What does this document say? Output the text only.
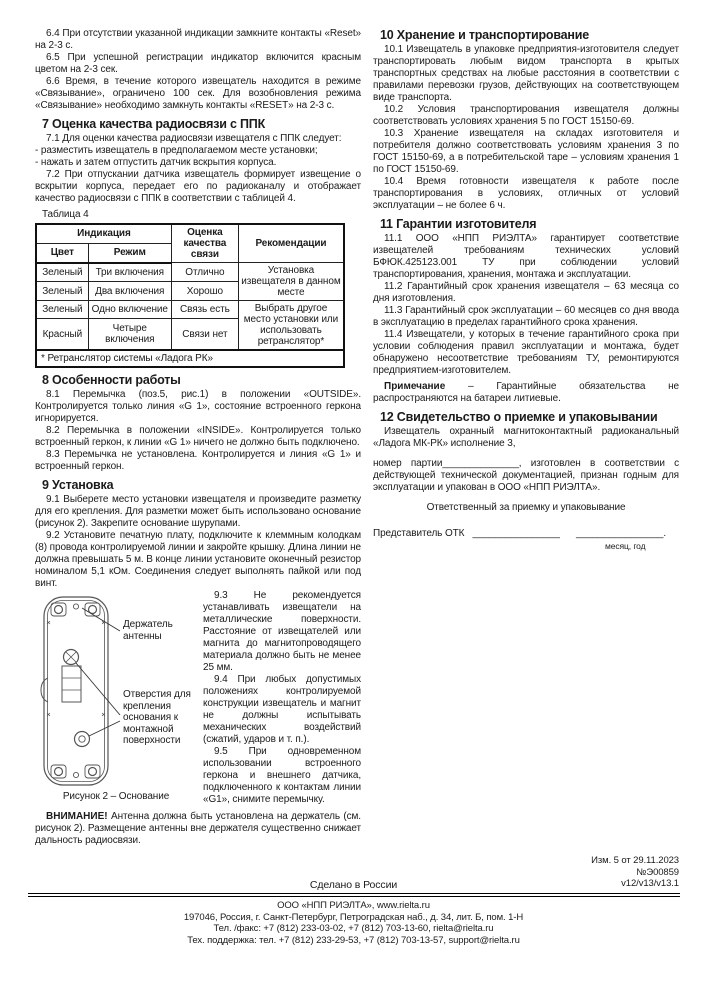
6.4 При отсутствии указанной индикации замкните контакты «Reset» на 2-3 с.

6.5 При успешной регистрации индикатор включится красным цветом на 2-3 сек.

6.6 Время, в течение которого извещатель находится в режиме «Связывание», ограничено 100 сек. Для возобновления режима «Связывание» необходимо замкнуть контакты «RESET» на 2-3 с.

7 Оценка качества радиосвязи с ППК

7.1 Для оценки качества радиосвязи извещателя с ППК следует:

- разместить извещатель в предполагаемом месте установки;

- нажать и затем отпустить датчик вскрытия корпуса.

7.2 При отпускании датчика извещатель формирует извещение о вскрытии корпуса, передает его по радиоканалу и отображает качество радиосвязи с ППК в соответствии с таблицей 4.

Таблица 4

Индикация		Оценка качества связи	Рекомендации
Цвет	Режим		
Зеленый	Три включения	Отлично	Установка извещателя в данном месте
Зеленый	Два включения	Хорошо	
Зеленый	Одно включение	Связь есть	Выбрать другое место установки или использовать ретранслятор*
Красный	Четыре включения	Связи нет	
* Ретранслятор системы «Ладога РК»			
8 Особенности работы

8.1 Перемычка (поз.5, рис.1) в положении «OUTSIDE». Контролируется только линия «G 1», состояние встроенного геркона игнорируется.

8.2 Перемычка в положении «INSIDE». Контролируется только встроенный геркон, к линии «G 1» ничего не должно быть подключено.

8.3 Перемычка не установлена. Контролируется и линия «G 1» и встроенный геркон.

9 Установка

9.1 Выберете место установки извещателя и произведите разметку для его крепления. Для разметки может быть использовано основание (рисунок 2). Закрепите основание шурупами.

9.2 Установите печатную плату, подключите к клеммным колодкам (8) провода контролируемой линии и закройте крышку. Длина линии не должна превышать 5 м. В конце линии установите оконечный резистор номиналом 5,1 кОм. Соединения следует выполнять пайкой или под винт.

Держатель антенны
Отверстия для крепления основания к монтажной поверхности
Рисунок 2 – Основание

9.3 Не рекомендуется устанавливать извещатели на металлические поверхности. Расстояние от извещателей или магнита до магнитопроводящего материала должно быть не менее 25 мм.

9.4 При любых допустимых положениях контролируемой конструкции извещатель и магнит не должны испытывать механических воздействий (сжатий, ударов и т. п.).

9.5 При одновременном использовании встроенного геркона и внешнего датчика, подключенного к контактам линии «G1», снимите перемычку.

ВНИМАНИЕ! Антенна должна быть установлена на держатель (см. рисунок 2). Размещение антенны вне держателя существенно снижает дальность радиосвязи.

10 Хранение и транспортирование

10.1 Извещатель в упаковке предприятия-изготовителя следует транспортировать любым видом транспорта в крытых транспортных средствах на любые расстояния в соответствии с правилами перевозки грузов, действующих на соответствующем виде транспорта.

10.2 Условия транспортирования извещателя должны соответствовать условиях хранения 5 по ГОСТ 15150-69.

10.3 Хранение извещателя на складах изготовителя и потребителя должно соответствовать условиям хранения 3 по ГОСТ 15150-69, а в потребительской таре – условиям хранения 1 по ГОСТ 15150-69.

10.4 Время готовности извещателя к работе после транспортирования в условиях, отличных от условий эксплуатации – не более 6 ч.

11 Гарантии изготовителя

11.1 ООО «НПП РИЭЛТА» гарантирует соответствие извещателей требованиям технических условий БФЮК.425123.001 ТУ при соблюдении условий транспортирования, хранения, монтажа и эксплуатации.

11.2 Гарантийный срок хранения извещателя – 63 месяца со дня изготовления.

11.3 Гарантийный срок эксплуатации – 60 месяцев со дня ввода в эксплуатацию в пределах гарантийного срока хранения.

11.4 Извещатели, у которых в течение гарантийного срока при условии соблюдения правил эксплуатации и монтажа, будет обнаружено несоответствие требованиям ТУ, ремонтируются предприятием-изготовителем.

Примечание – Гарантийные обязательства не распространяются на батареи литиевые.

12 Свидетельство о приемке и упаковывании

Извещатель охранный магнитоконтактный радиоканальный «Ладога МК-РК» исполнение 3,

номер партии______________, изготовлен в соответствии с действующей технической документацией, признан годным для эксплуатации и упакован в ООО «НПП РИЭЛТА».

Ответственный за приемку и упаковывание

Представитель ОТК ________________ ________________.

месяц, год

Изм. 5 от 29.11.2023
№Э00859
v12/v13/v13.1
Сделано в России
ООО «НПП РИЭЛТА», www.rielta.ru
197046, Россия, г. Санкт-Петербург, Петроградская наб., д. 34, лит. Б, пом. 1-Н
Тел. /факс: +7 (812) 233-03-02, +7 (812) 703-13-60, rielta@rielta.ru
Тех. поддержка: тел. +7 (812) 233-29-53, +7 (812) 703-13-57, support@rielta.ru
